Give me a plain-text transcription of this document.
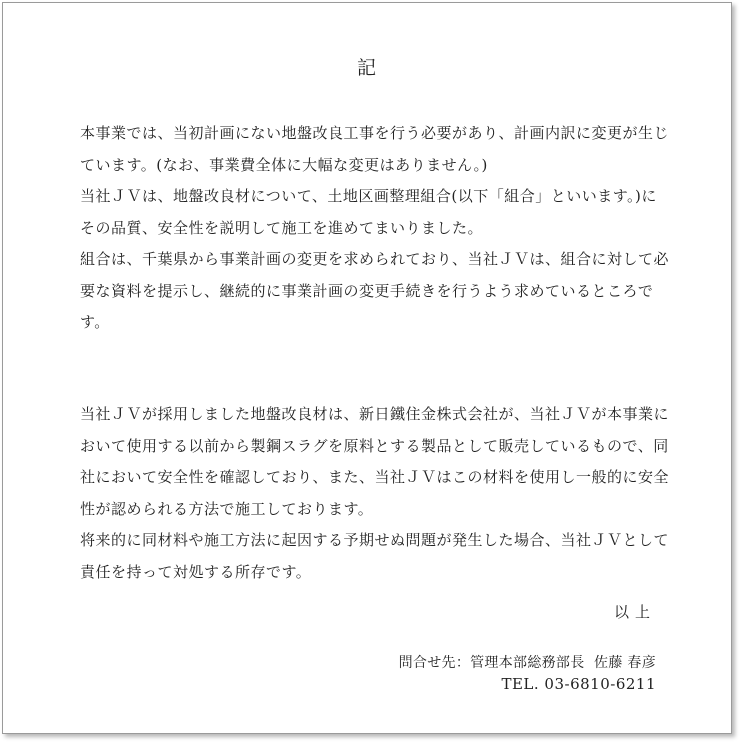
記

本事業では、当初計画にない地盤改良工事を行う必要があり、計画内訳に変更が生じています。(なお、事業費全体に大幅な変更はありません。)
当社ＪＶは、地盤改良材について、土地区画整理組合(以下「組合」といいます。)にその品質、安全性を説明して施工を進めてまいりました。
組合は、千葉県から事業計画の変更を求められており、当社ＪＶは、組合に対して必要な資料を提示し、継続的に事業計画の変更手続きを行うよう求めているところです。

当社ＪＶが採用しました地盤改良材は、新日鐵住金株式会社が、当社ＪＶが本事業において使用する以前から製鋼スラグを原料とする製品として販売しているもので、同社において安全性を確認しており、また、当社ＪＶはこの材料を使用し一般的に安全性が認められる方法で施工しております。
将来的に同材料や施工方法に起因する予期せぬ問題が発生した場合、当社ＪＶとして責任を持って対処する所存です。

以上
問合せ先：管理本部総務部長 佐藤 春彦
TEL. 03-6810-6211
